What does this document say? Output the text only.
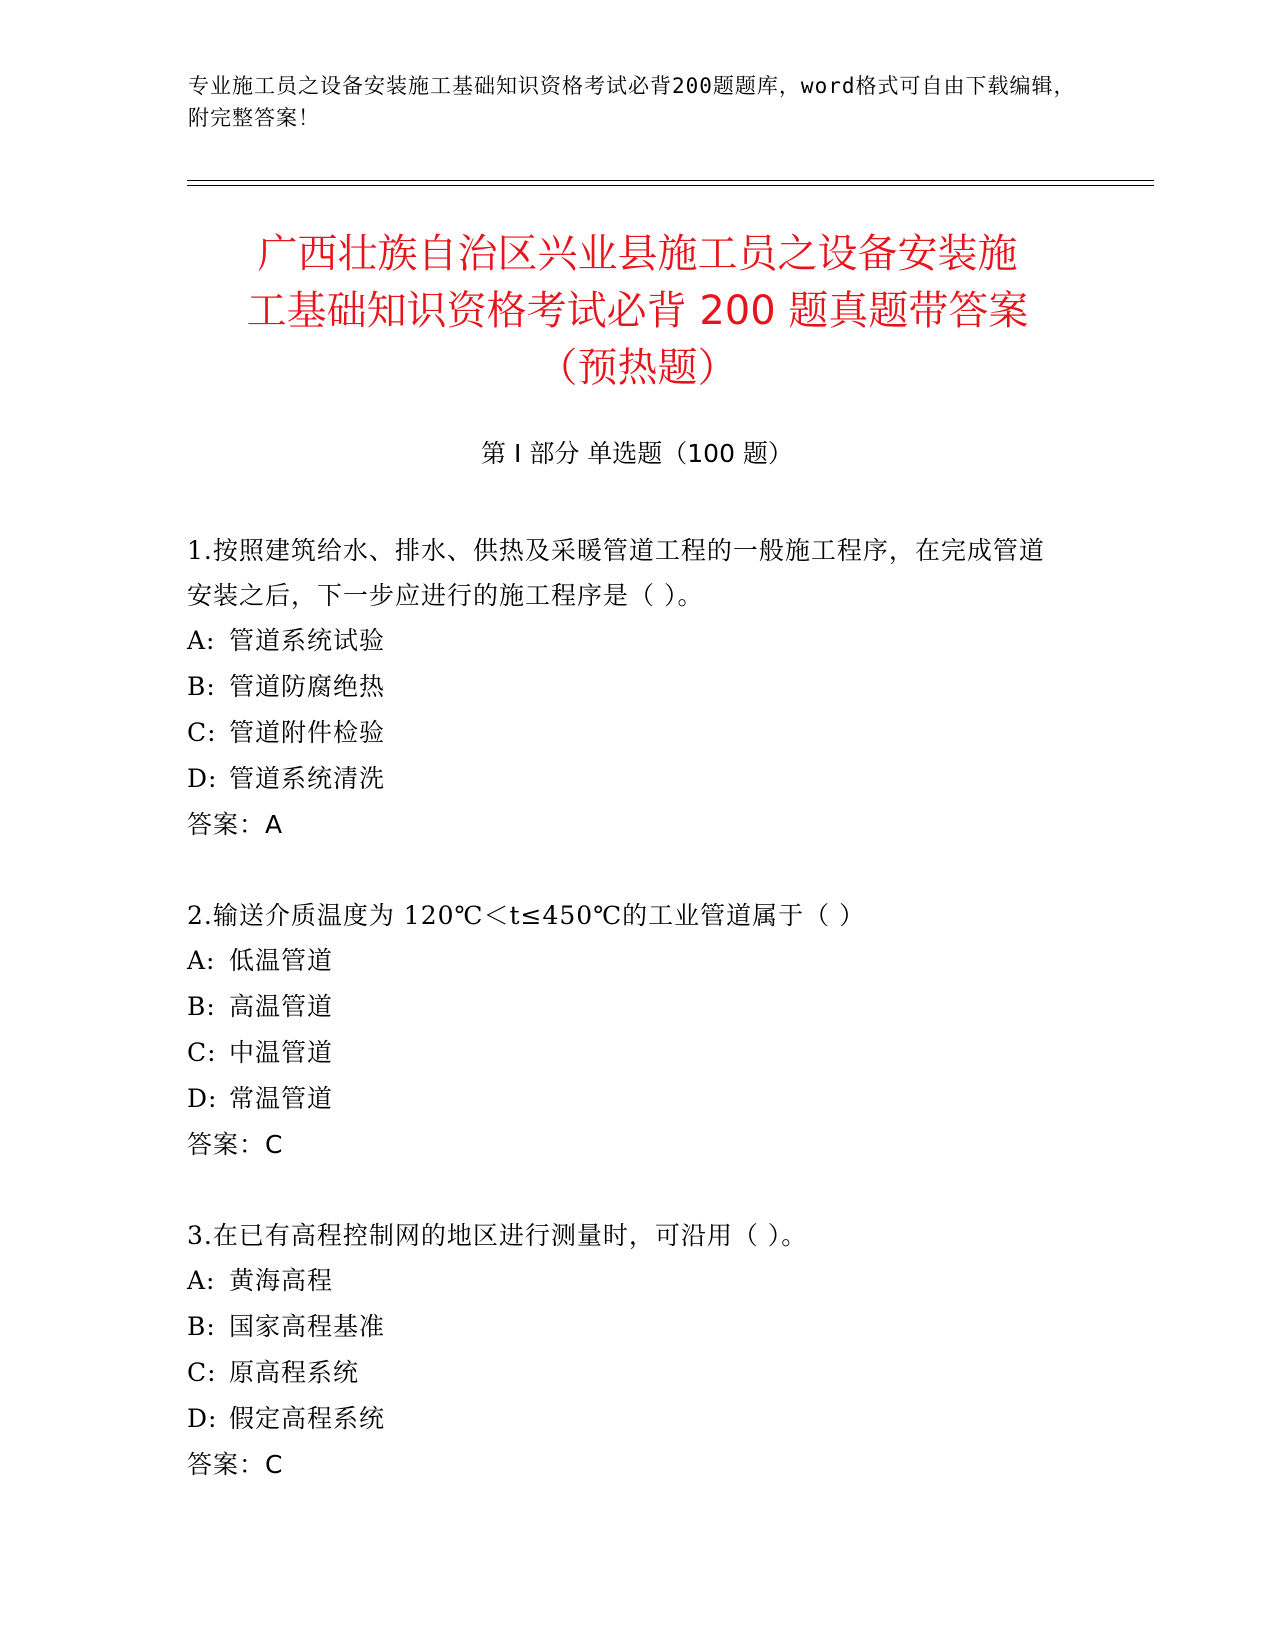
专业施工员之设备安装施工基础知识资格考试必背200题题库，word格式可自由下载编辑，附完整答案！
广西壮族自治区兴业县施工员之设备安装施
工基础知识资格考试必背 200 题真题带答案
（预热题）
第 I 部分 单选题（100 题）

1.按照建筑给水、排水、供热及采暖管道工程的一般施工程序，在完成管道安装之后，下一步应进行的施工程序是（ ）。

A: 管道系统试验

B: 管道防腐绝热

C: 管道附件检验

D: 管道系统清洗

答案：A

2.输送介质温度为 120℃＜t≤450℃的工业管道属于（ ）

A: 低温管道

B: 高温管道

C: 中温管道

D: 常温管道

答案：C

3.在已有高程控制网的地区进行测量时，可沿用（ ）。

A: 黄海高程

B: 国家高程基准

C: 原高程系统

D: 假定高程系统

答案：C
